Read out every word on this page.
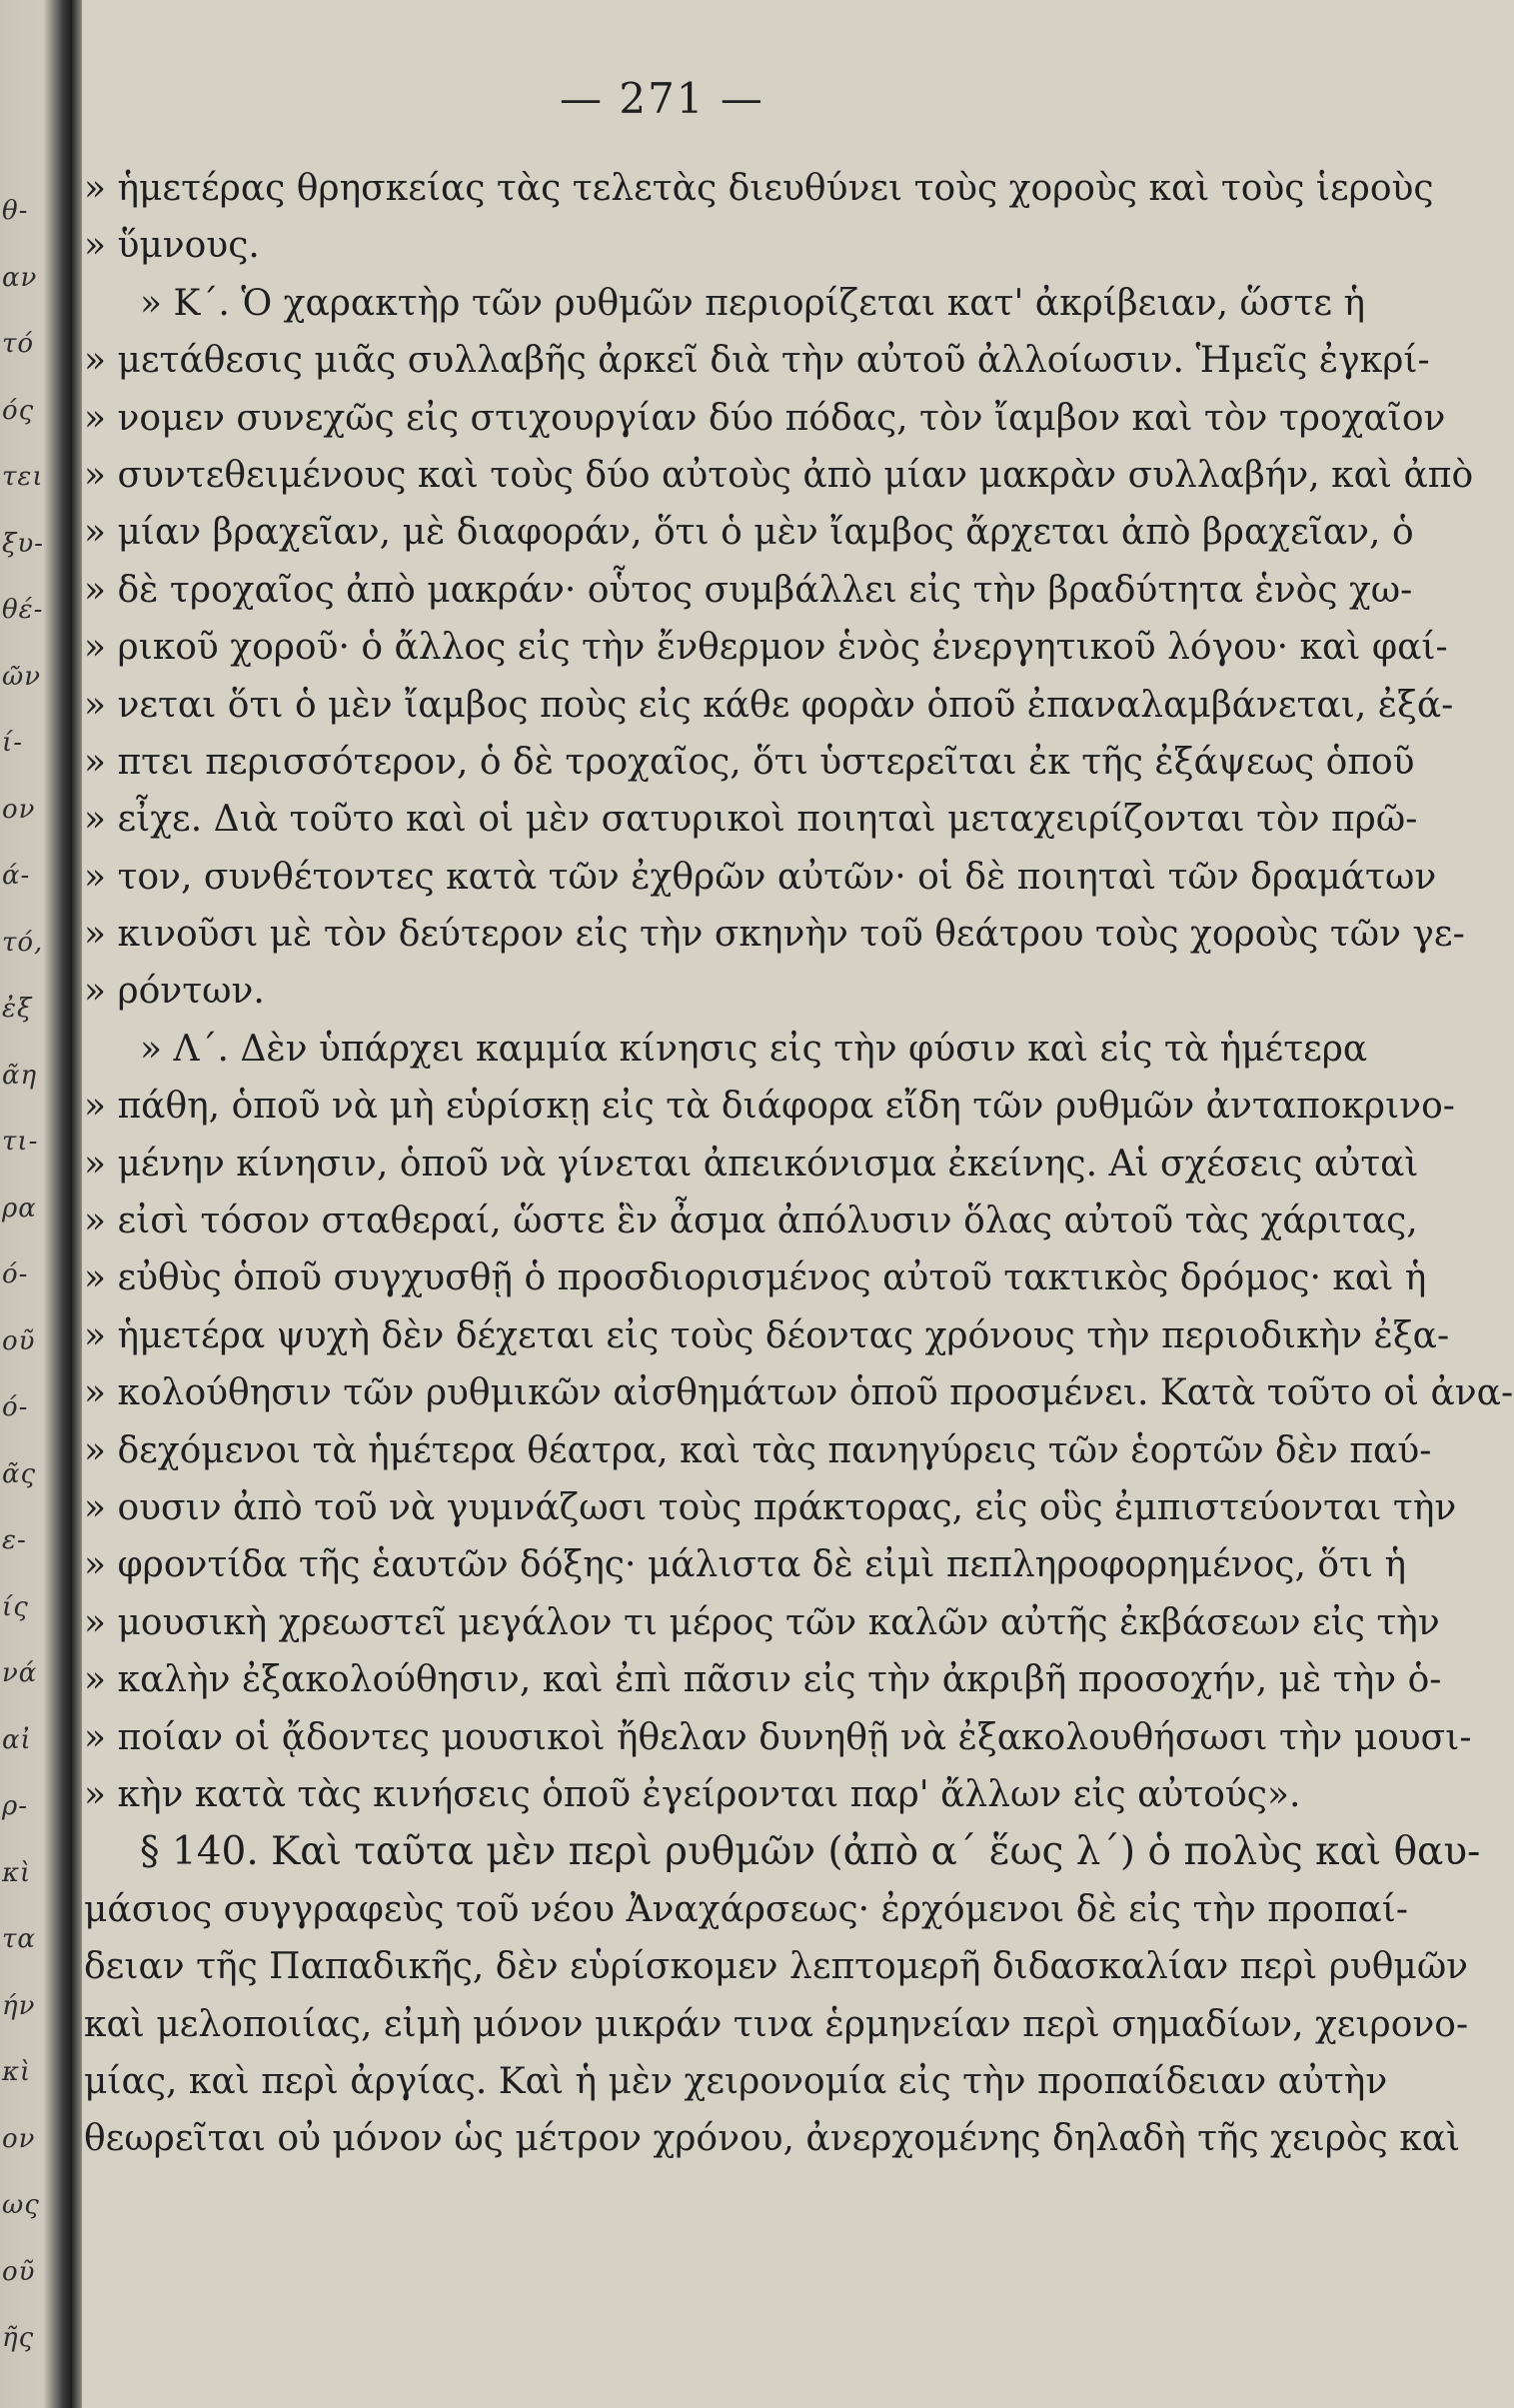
θ-
αν
τό
ός
τει
ξυ-
θέ-
ῶν
ί-
ον
ά-
τό,
ἐξ
ᾶη
τι-
ρα
ό-
οῦ
ό-
ᾶς
ε-
ίς
νά
αἰ
ρ-
κὶ
τα
ήν
κὶ
ον
ως
οῦ
ῆς
— 271 —
» ἡμετέρας θρησκείας τὰς τελετὰς διευθύνει τοὺς χοροὺς καὶ τοὺς ἱεροὺς
» ὕμνους.
» Κ΄. Ὁ χαρακτὴρ τῶν ρυθμῶν περιορίζεται κατ' ἀκρίβειαν, ὥστε ἡ
» μετάθεσις μιᾶς συλλαβῆς ἀρκεῖ διὰ τὴν αὐτοῦ ἀλλοίωσιν. Ἡμεῖς ἐγκρί-
» νομεν συνεχῶς εἰς στιχουργίαν δύο πόδας, τὸν ἴαμβον καὶ τὸν τροχαῖον
» συντεθειμένους καὶ τοὺς δύο αὐτοὺς ἀπὸ μίαν μακρὰν συλλαβήν, καὶ ἀπὸ
» μίαν βραχεῖαν, μὲ διαφοράν, ὅτι ὁ μὲν ἴαμβος ἄρχεται ἀπὸ βραχεῖαν, ὁ
» δὲ τροχαῖος ἀπὸ μακράν· οὗτος συμβάλλει εἰς τὴν βραδύτητα ἑνὸς χω-
» ρικοῦ χοροῦ· ὁ ἄλλος εἰς τὴν ἔνθερμον ἑνὸς ἐνεργητικοῦ λόγου· καὶ φαί-
» νεται ὅτι ὁ μὲν ἴαμβος ποὺς εἰς κάθε φορὰν ὁποῦ ἐπαναλαμβάνεται, ἐξά-
» πτει περισσότερον, ὁ δὲ τροχαῖος, ὅτι ὑστερεῖται ἐκ τῆς ἐξάψεως ὁποῦ
» εἶχε. Διὰ τοῦτο καὶ οἱ μὲν σατυρικοὶ ποιηταὶ μεταχειρίζονται τὸν πρῶ-
» τον, συνθέτοντες κατὰ τῶν ἐχθρῶν αὐτῶν· οἱ δὲ ποιηταὶ τῶν δραμάτων
» κινοῦσι μὲ τὸν δεύτερον εἰς τὴν σκηνὴν τοῦ θεάτρου τοὺς χοροὺς τῶν γε-
» ρόντων.
» Λ΄. Δὲν ὑπάρχει καμμία κίνησις εἰς τὴν φύσιν καὶ εἰς τὰ ἡμέτερα
» πάθη, ὁποῦ νὰ μὴ εὑρίσκῃ εἰς τὰ διάφορα εἴδη τῶν ρυθμῶν ἀνταποκρινο-
» μένην κίνησιν, ὁποῦ νὰ γίνεται ἀπεικόνισμα ἐκείνης. Αἱ σχέσεις αὐταὶ
» εἰσὶ τόσον σταθεραί, ὥστε ἓν ἆσμα ἀπόλυσιν ὅλας αὐτοῦ τὰς χάριτας,
» εὐθὺς ὁποῦ συγχυσθῇ ὁ προσδιορισμένος αὐτοῦ τακτικὸς δρόμος· καὶ ἡ
» ἡμετέρα ψυχὴ δὲν δέχεται εἰς τοὺς δέοντας χρόνους τὴν περιοδικὴν ἐξα-
» κολούθησιν τῶν ρυθμικῶν αἰσθημάτων ὁποῦ προσμένει. Κατὰ τοῦτο οἱ ἀνα-
» δεχόμενοι τὰ ἡμέτερα θέατρα, καὶ τὰς πανηγύρεις τῶν ἑορτῶν δὲν παύ-
» ουσιν ἀπὸ τοῦ νὰ γυμνάζωσι τοὺς πράκτορας, εἰς οὓς ἐμπιστεύονται τὴν
» φροντίδα τῆς ἑαυτῶν δόξης· μάλιστα δὲ εἰμὶ πεπληροφορημένος, ὅτι ἡ
» μουσικὴ χρεωστεῖ μεγάλον τι μέρος τῶν καλῶν αὐτῆς ἐκβάσεων εἰς τὴν
» καλὴν ἐξακολούθησιν, καὶ ἐπὶ πᾶσιν εἰς τὴν ἀκριβῆ προσοχήν, μὲ τὴν ὁ-
» ποίαν οἱ ᾄδοντες μουσικοὶ ἤθελαν δυνηθῇ νὰ ἐξακολουθήσωσι τὴν μουσι-
» κὴν κατὰ τὰς κινήσεις ὁποῦ ἐγείρονται παρ' ἄλλων εἰς αὐτούς».
§ 140. Καὶ ταῦτα μὲν περὶ ρυθμῶν (ἀπὸ α΄ ἕως λ΄) ὁ πολὺς καὶ θαυ-
μάσιος συγγραφεὺς τοῦ νέου Ἀναχάρσεως· ἐρχόμενοι δὲ εἰς τὴν προπαί-
δειαν τῆς Παπαδικῆς, δὲν εὑρίσκομεν λεπτομερῆ διδασκαλίαν περὶ ρυθμῶν
καὶ μελοποιίας, εἰμὴ μόνον μικράν τινα ἑρμηνείαν περὶ σημαδίων, χειρονο-
μίας, καὶ περὶ ἀργίας. Καὶ ἡ μὲν χειρονομία εἰς τὴν προπαίδειαν αὐτὴν
θεωρεῖται οὐ μόνον ὡς μέτρον χρόνου, ἀνερχομένης δηλαδὴ τῆς χειρὸς καὶ
